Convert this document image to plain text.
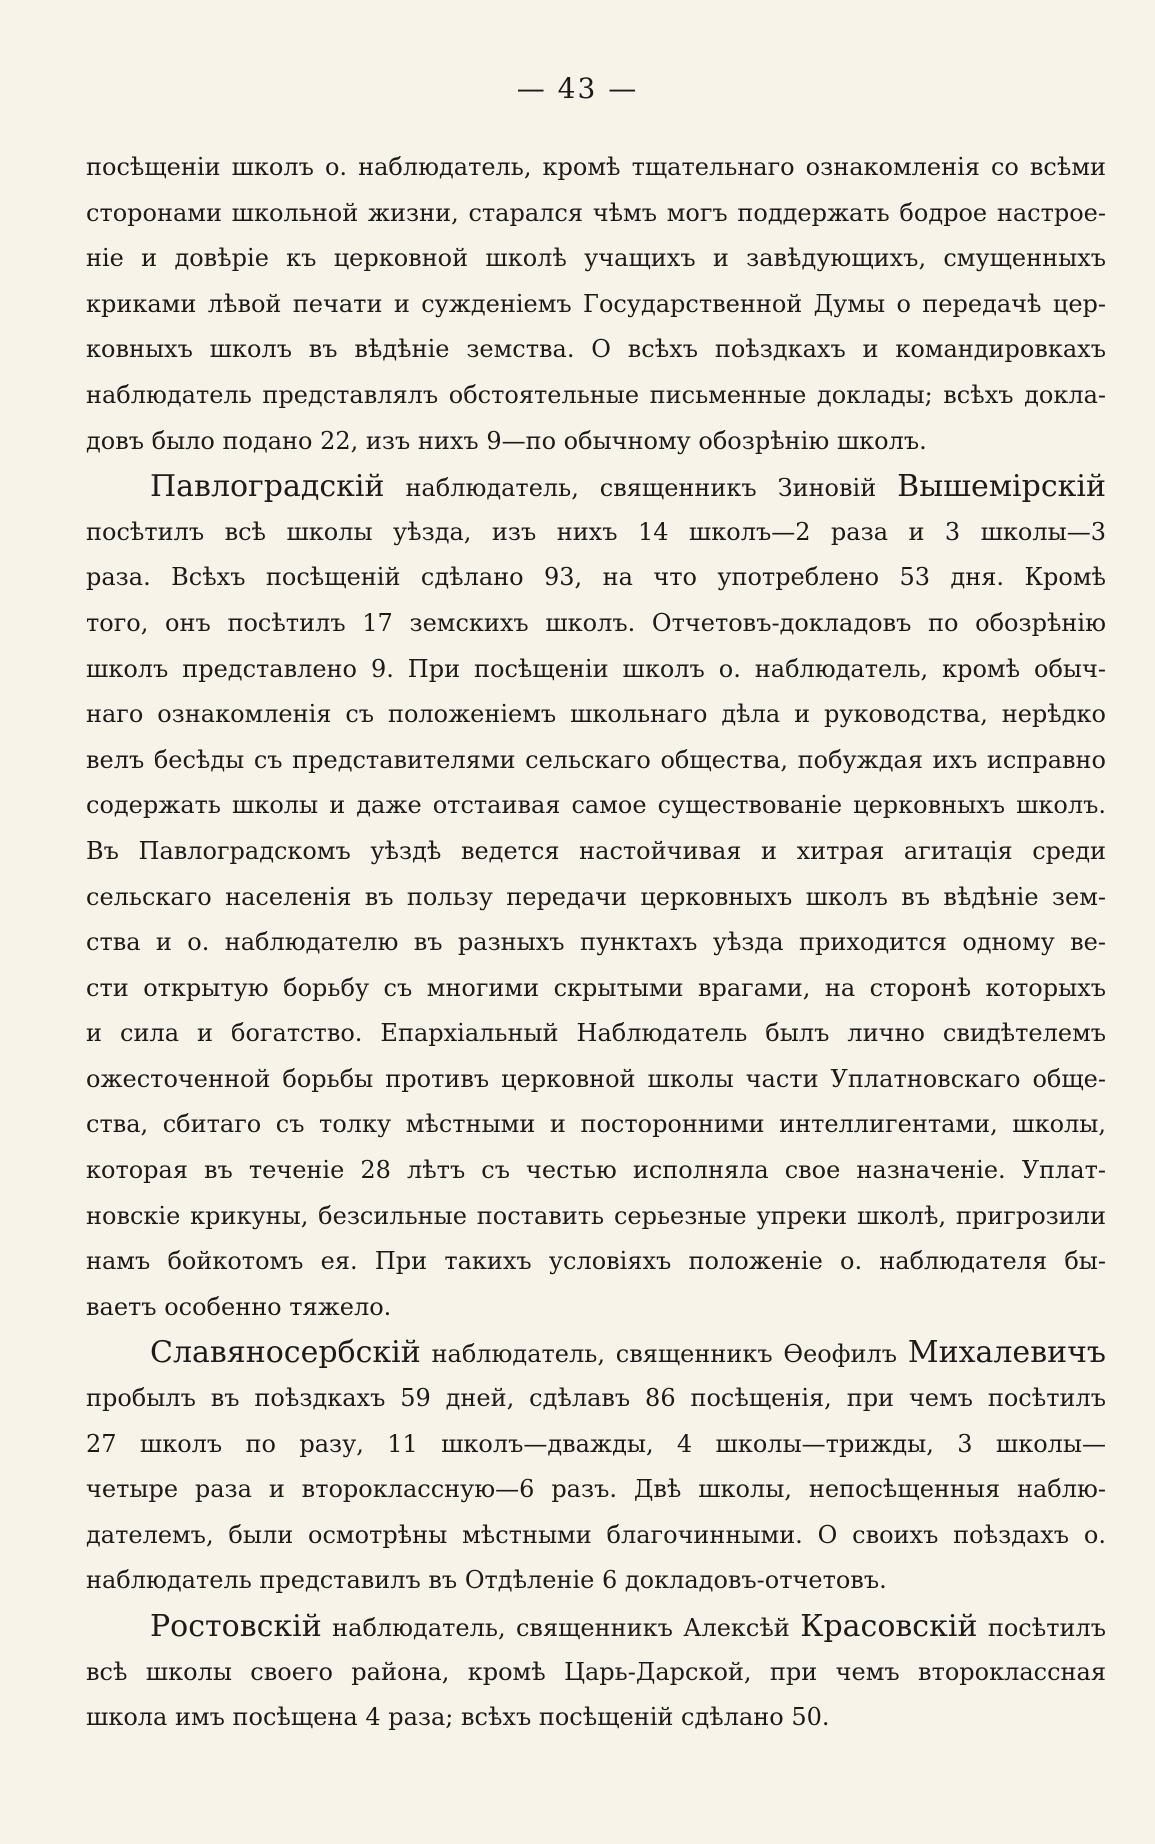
— 43 —
посѣщеніи школъ о. наблюдатель, кромѣ тщательнаго ознакомленія со всѣми
сторонами школьной жизни, старался чѣмъ могъ поддержать бодрое настрое-
ніе и довѣріе къ церковной школѣ учащихъ и завѣдующихъ, смущенныхъ
криками лѣвой печати и сужденіемъ Государственной Думы о передачѣ цер-
ковныхъ школъ въ вѣдѣніе земства. О всѣхъ поѣздкахъ и командировкахъ
наблюдатель представлялъ обстоятельные письменные доклады; всѣхъ докла-
довъ было подано 22, изъ нихъ 9—по обычному обозрѣнію школъ.
Павлоградскій наблюдатель, священникъ Зиновій Вышемірскій
посѣтилъ всѣ школы уѣзда, изъ нихъ 14 школъ—2 раза и 3 школы—3
раза. Всѣхъ посѣщеній сдѣлано 93, на что употреблено 53 дня. Кромѣ
того, онъ посѣтилъ 17 земскихъ школъ. Отчетовъ-докладовъ по обозрѣнію
школъ представлено 9. При посѣщеніи школъ о. наблюдатель, кромѣ обыч-
наго ознакомленія съ положеніемъ школьнаго дѣла и руководства, нерѣдко
велъ бесѣды съ представителями сельскаго общества, побуждая ихъ исправно
содержать школы и даже отстаивая самое существованіе церковныхъ школъ.
Въ Павлоградскомъ уѣздѣ ведется настойчивая и хитрая агитація среди
сельскаго населенія въ пользу передачи церковныхъ школъ въ вѣдѣніе зем-
ства и о. наблюдателю въ разныхъ пунктахъ уѣзда приходится одному ве-
сти открытую борьбу съ многими скрытыми врагами, на сторонѣ которыхъ
и сила и богатство. Епархіальный Наблюдатель былъ лично свидѣтелемъ
ожесточенной борьбы противъ церковной школы части Уплатновскаго обще-
ства, сбитаго съ толку мѣстными и посторонними интеллигентами, школы,
которая въ теченіе 28 лѣтъ съ честью исполняла свое назначеніе. Уплат-
новскіе крикуны, безсильные поставить серьезные упреки школѣ, пригрозили
намъ бойкотомъ ея. При такихъ условіяхъ положеніе о. наблюдателя бы-
ваетъ особенно тяжело.
Славяносербскій наблюдатель, священникъ Ѳеофилъ Михалевичъ
пробылъ въ поѣздкахъ 59 дней, сдѣлавъ 86 посѣщенія, при чемъ посѣтилъ
27 школъ по разу, 11 школъ—дважды, 4 школы—трижды, 3 школы—
четыре раза и второклассную—6 разъ. Двѣ школы, непосѣщенныя наблю-
дателемъ, были осмотрѣны мѣстными благочинными. О своихъ поѣздахъ о.
наблюдатель представилъ въ Отдѣленіе 6 докладовъ-отчетовъ.
Ростовскій наблюдатель, священникъ Алексѣй Красовскій посѣтилъ
всѣ школы своего района, кромѣ Царь-Дарской, при чемъ второклассная
школа имъ посѣщена 4 раза; всѣхъ посѣщеній сдѣлано 50.
